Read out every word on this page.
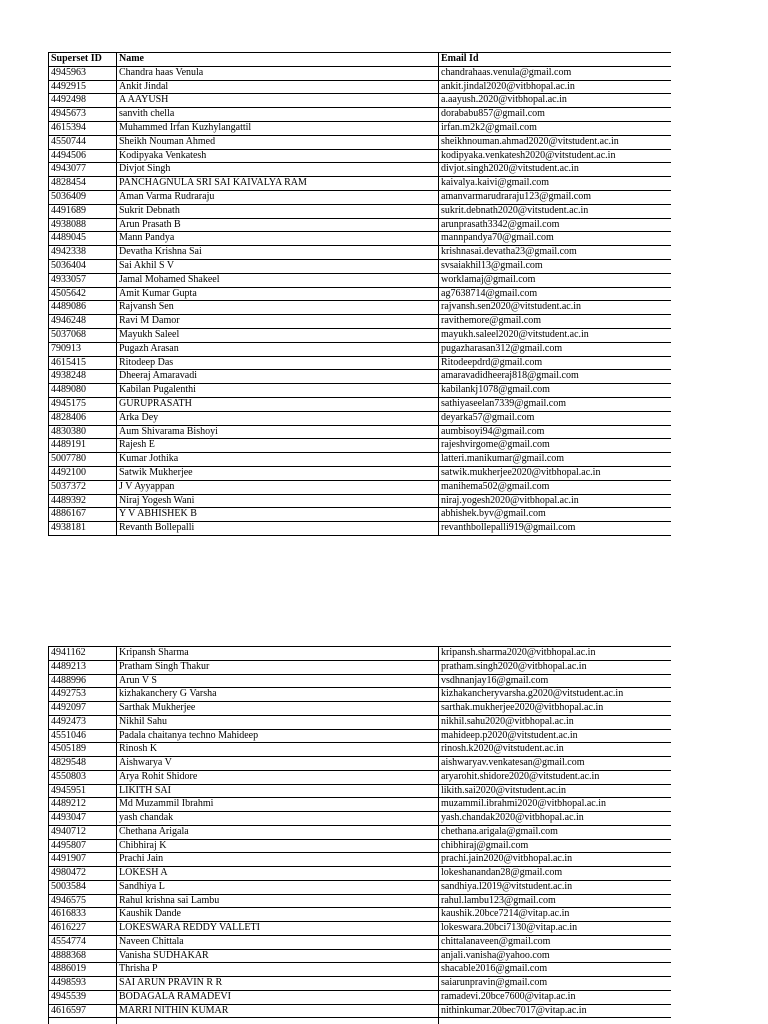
Superset ID	Name	Email Id
4945963	Chandra haas Venula	chandrahaas.venula@gmail.com
4492915	Ankit Jindal	ankit.jindal2020@vitbhopal.ac.in
4492498	A AAYUSH	a.aayush.2020@vitbhopal.ac.in
4945673	sanvith chella	dorababu857@gmail.com
4615394	Muhammed Irfan Kuzhylangattil	irfan.m2k2@gmail.com
4550744	Sheikh Nouman Ahmed	sheikhnouman.ahmad2020@vitstudent.ac.in
4494506	Kodipyaka Venkatesh	kodipyaka.venkatesh2020@vitstudent.ac.in
4943077	Divjot Singh	divjot.singh2020@vitstudent.ac.in
4828454	PANCHAGNULA SRI SAI KAIVALYA RAM	kaivalya.kaivi@gmail.com
5036409	Aman Varma Rudraraju	amanvarmarudraraju123@gmail.com
4491689	Sukrit Debnath	sukrit.debnath2020@vitstudent.ac.in
4938088	Arun Prasath B	arunprasath3342@gmail.com
4489045	Mann Pandya	mannpandya70@gmail.com
4942338	Devatha Krishna Sai	krishnasai.devatha23@gmail.com
5036404	Sai Akhil S V	svsaiakhil13@gmail.com
4933057	Jamal Mohamed Shakeel	worklamaj@gmail.com
4505642	Amit Kumar Gupta	ag7638714@gmail.com
4489086	Rajvansh Sen	rajvansh.sen2020@vitstudent.ac.in
4946248	Ravi M Damor	ravithemore@gmail.com
5037068	Mayukh Saleel	mayukh.saleel2020@vitstudent.ac.in
790913	Pugazh Arasan	pugazharasan312@gmail.com
4615415	Ritodeep Das	Ritodeepdrd@gmail.com
4938248	Dheeraj Amaravadi	amaravadidheeraj818@gmail.com
4489080	Kabilan Pugalenthi	kabilankj1078@gmail.com
4945175	GURUPRASATH	sathiyaseelan7339@gmail.com
4828406	Arka Dey	deyarka57@gmail.com
4830380	Aum Shivarama Bishoyi	aumbisoyi94@gmail.com
4489191	Rajesh E	rajeshvirgome@gmail.com
5007780	Kumar Jothika	latteri.manikumar@gmail.com
4492100	Satwik Mukherjee	satwik.mukherjee2020@vitbhopal.ac.in
5037372	J V Ayyappan	manihema502@gmail.com
4489392	Niraj Yogesh Wani	niraj.yogesh2020@vitbhopal.ac.in
4886167	Y V ABHISHEK B	abhishek.byv@gmail.com
4938181	Revanth Bollepalli	revanthbollepalli919@gmail.com
4941162	Kripansh Sharma	kripansh.sharma2020@vitbhopal.ac.in
4489213	Pratham Singh Thakur	pratham.singh2020@vitbhopal.ac.in
4488996	Arun V S	vsdhnanjay16@gmail.com
4492753	kizhakanchery G Varsha	kizhakancheryvarsha.g2020@vitstudent.ac.in
4492097	Sarthak Mukherjee	sarthak.mukherjee2020@vitbhopal.ac.in
4492473	Nikhil Sahu	nikhil.sahu2020@vitbhopal.ac.in
4551046	Padala chaitanya techno Mahideep	mahideep.p2020@vitstudent.ac.in
4505189	Rinosh K	rinosh.k2020@vitstudent.ac.in
4829548	Aishwarya V	aishwaryav.venkatesan@gmail.com
4550803	Arya Rohit Shidore	aryarohit.shidore2020@vitstudent.ac.in
4945951	LIKITH SAI	likith.sai2020@vitstudent.ac.in
4489212	Md Muzammil Ibrahmi	muzammil.ibrahmi2020@vitbhopal.ac.in
4493047	yash chandak	yash.chandak2020@vitbhopal.ac.in
4940712	Chethana Arigala	chethana.arigala@gmail.com
4495807	Chibhiraj K	chibhiraj@gmail.com
4491907	Prachi Jain	prachi.jain2020@vitbhopal.ac.in
4980472	LOKESH A	lokeshanandan28@gmail.com
5003584	Sandhiya L	sandhiya.l2019@vitstudent.ac.in
4946575	Rahul krishna sai Lambu	rahul.lambu123@gmail.com
4616833	Kaushik Dande	kaushik.20bce7214@vitap.ac.in
4616227	LOKESWARA REDDY VALLETI	lokeswara.20bci7130@vitap.ac.in
4554774	Naveen Chittala	chittalanaveen@gmail.com
4888368	Vanisha SUDHAKAR	anjali.vanisha@yahoo.com
4886019	Thrisha P	shacable2016@gmail.com
4498593	SAI ARUN PRAVIN R R	saiarunpravin@gmail.com
4945539	BODAGALA RAMADEVI	ramadevi.20bce7600@vitap.ac.in
4616597	MARRI NITHIN KUMAR	nithinkumar.20bec7017@vitap.ac.in
